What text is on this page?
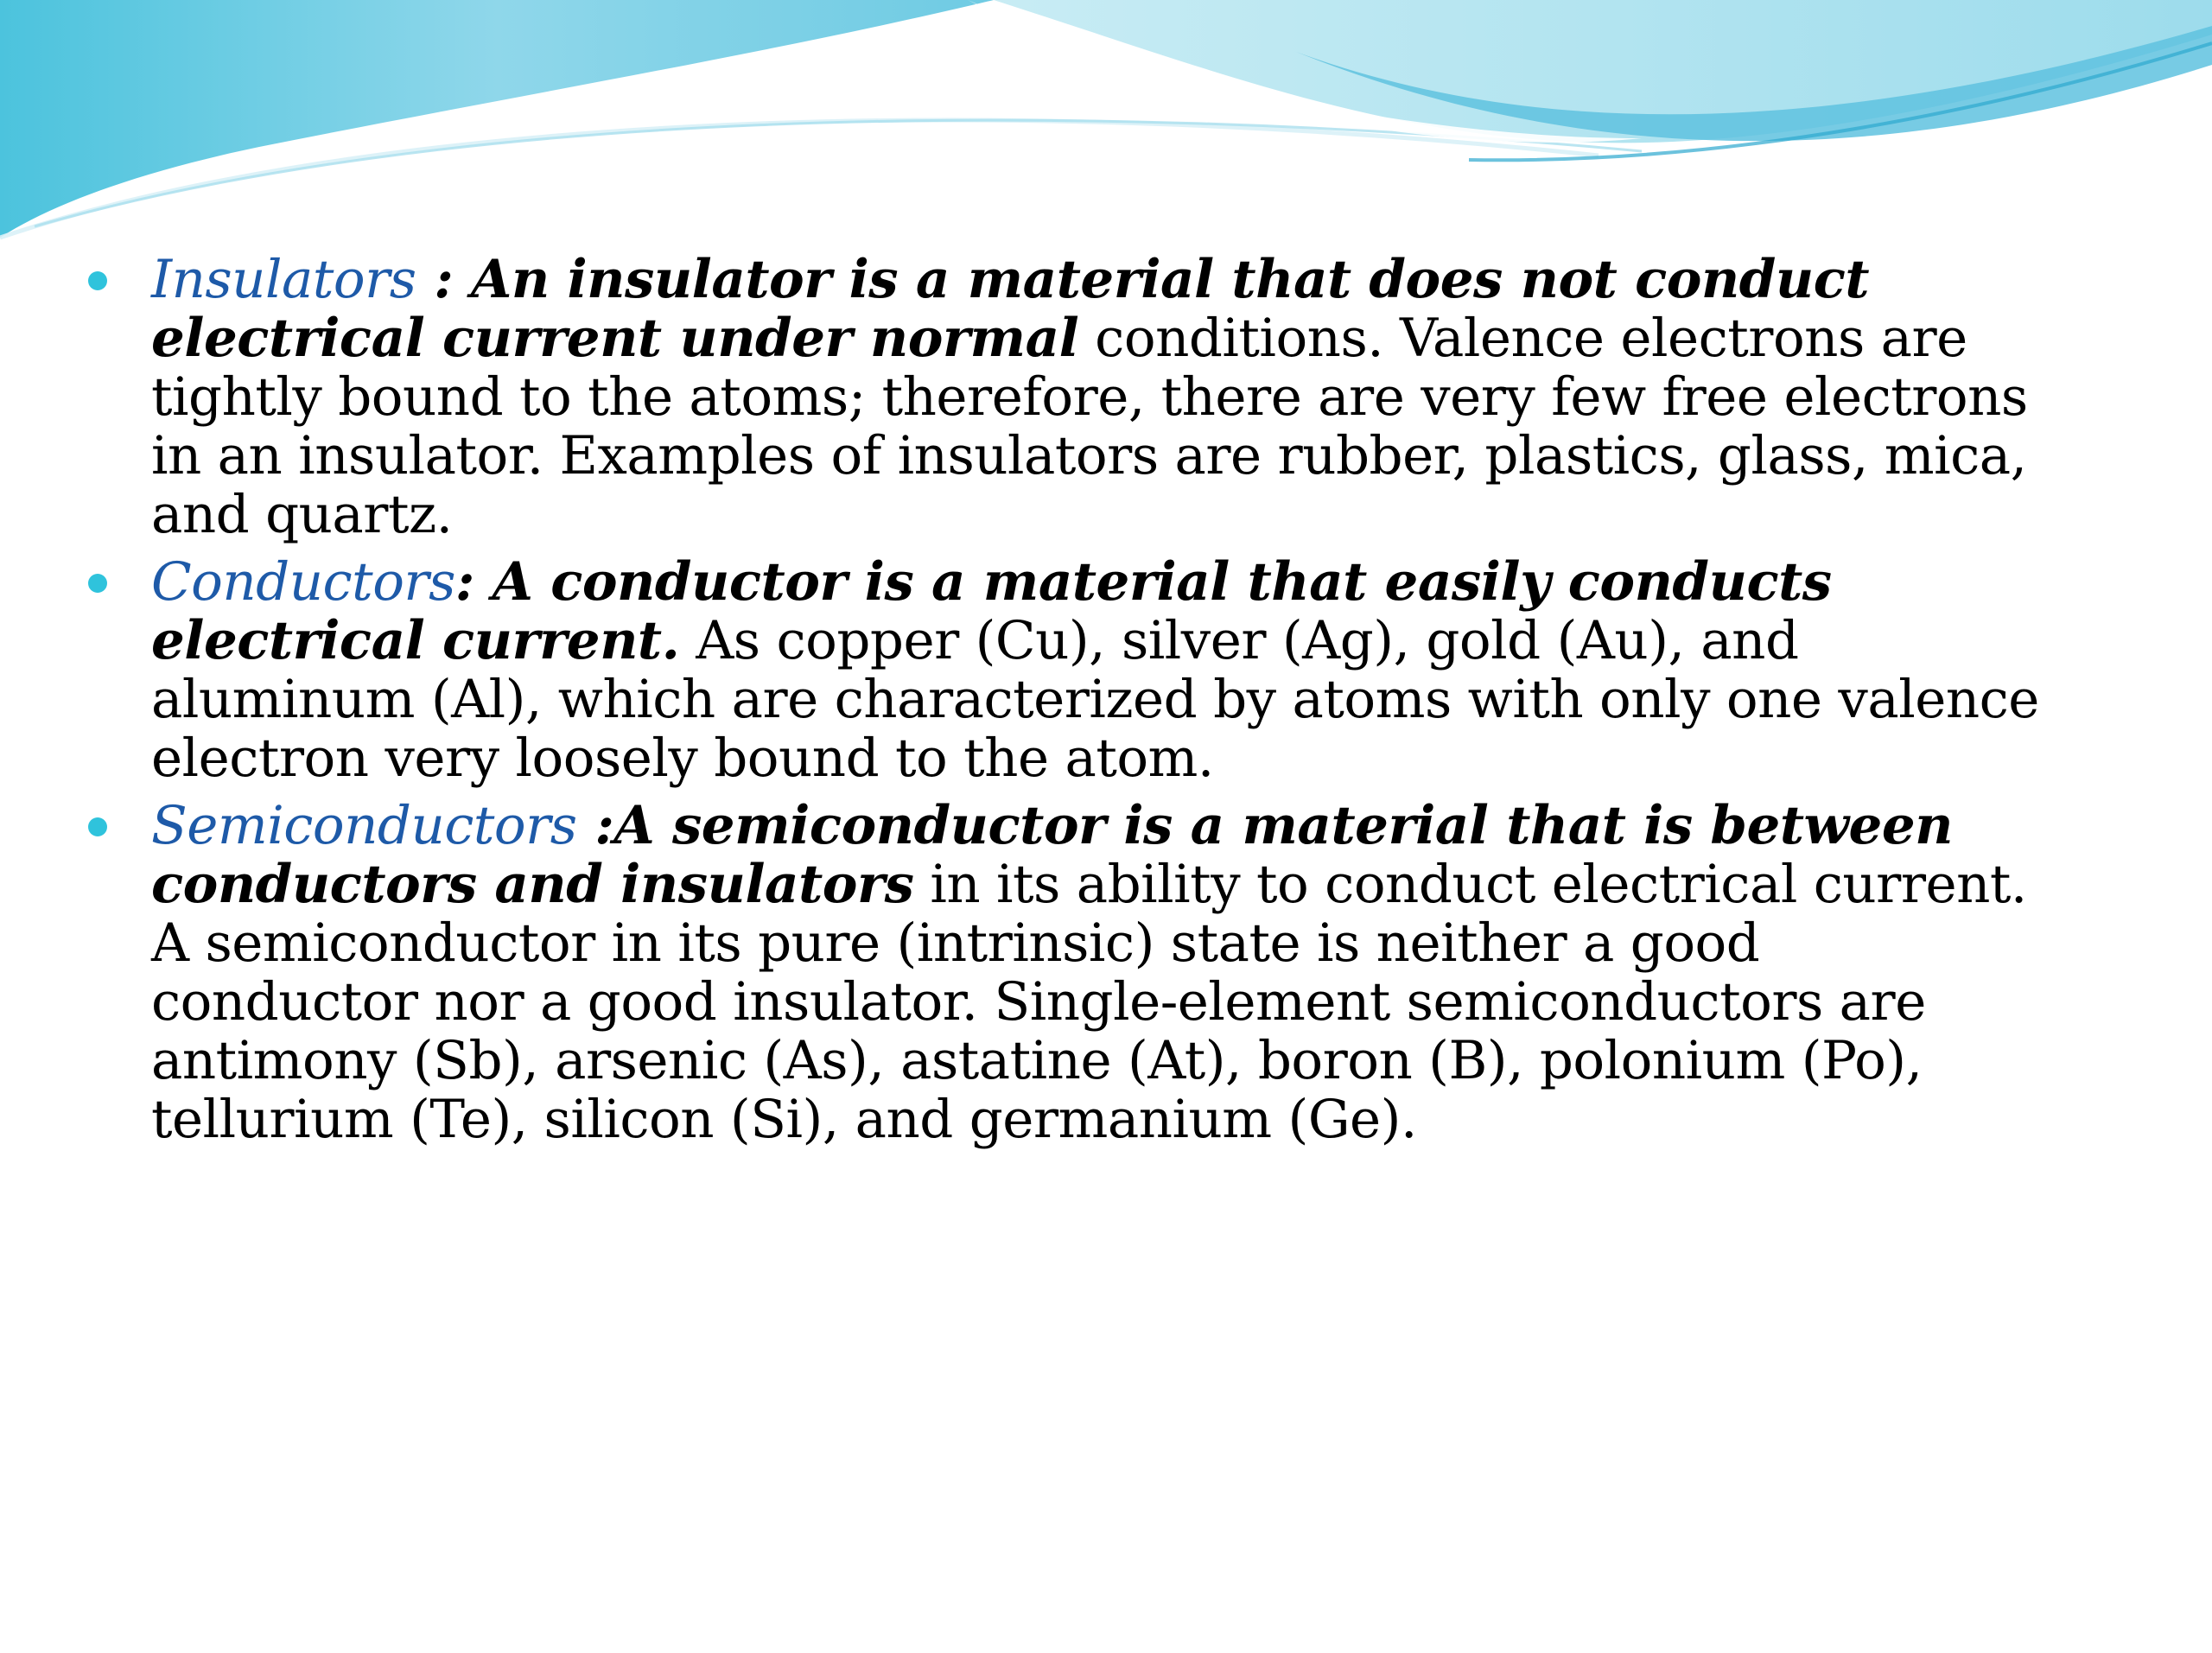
Insulators : An insulator is a material that does not conduct electrical current under normal conditions. Valence electrons are tightly bound to the atoms; therefore, there are very few free electrons in an insulator. Examples of insulators are rubber, plastics, glass, mica, and quartz.
Conductors: A conductor is a material that easily conducts electrical current. As copper (Cu), silver (Ag), gold (Au), and aluminum (Al), which are characterized by atoms with only one valence electron very loosely bound to the atom.
Semiconductors :A semiconductor is a material that is between conductors and insulators in its ability to conduct electrical current. A semiconductor in its pure (intrinsic) state is neither a good conductor nor a good insulator. Single-element semiconductors are antimony (Sb), arsenic (As), astatine (At), boron (B), polonium (Po), tellurium (Te), silicon (Si), and germanium (Ge).
